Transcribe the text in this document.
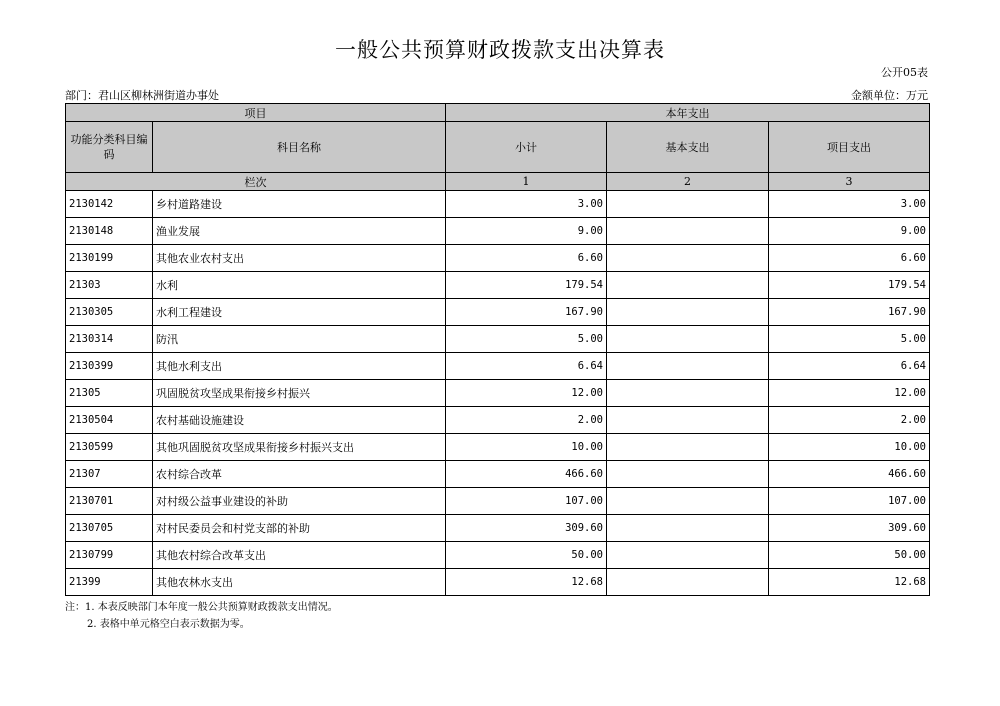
一般公共预算财政拨款支出决算表
公开05表
部门：君山区柳林洲街道办事处	金额单位：万元
项目		本年支出		
功能分类科目编码	科目名称	小计	基本支出	项目支出
栏次		1	2	3
2130142	乡村道路建设	3.00		3.00
2130148	渔业发展	9.00		9.00
2130199	其他农业农村支出	6.60		6.60
21303	水利	179.54		179.54
2130305	水利工程建设	167.90		167.90
2130314	防汛	5.00		5.00
2130399	其他水利支出	6.64		6.64
21305	巩固脱贫攻坚成果衔接乡村振兴	12.00		12.00
2130504	农村基础设施建设	2.00		2.00
2130599	其他巩固脱贫攻坚成果衔接乡村振兴支出	10.00		10.00
21307	农村综合改革	466.60		466.60
2130701	对村级公益事业建设的补助	107.00		107.00
2130705	对村民委员会和村党支部的补助	309.60		309.60
2130799	其他农村综合改革支出	50.00		50.00
21399	其他农林水支出	12.68		12.68
注：1. 本表反映部门本年度一般公共预算财政拨款支出情况。
2. 表格中单元格空白表示数据为零。
